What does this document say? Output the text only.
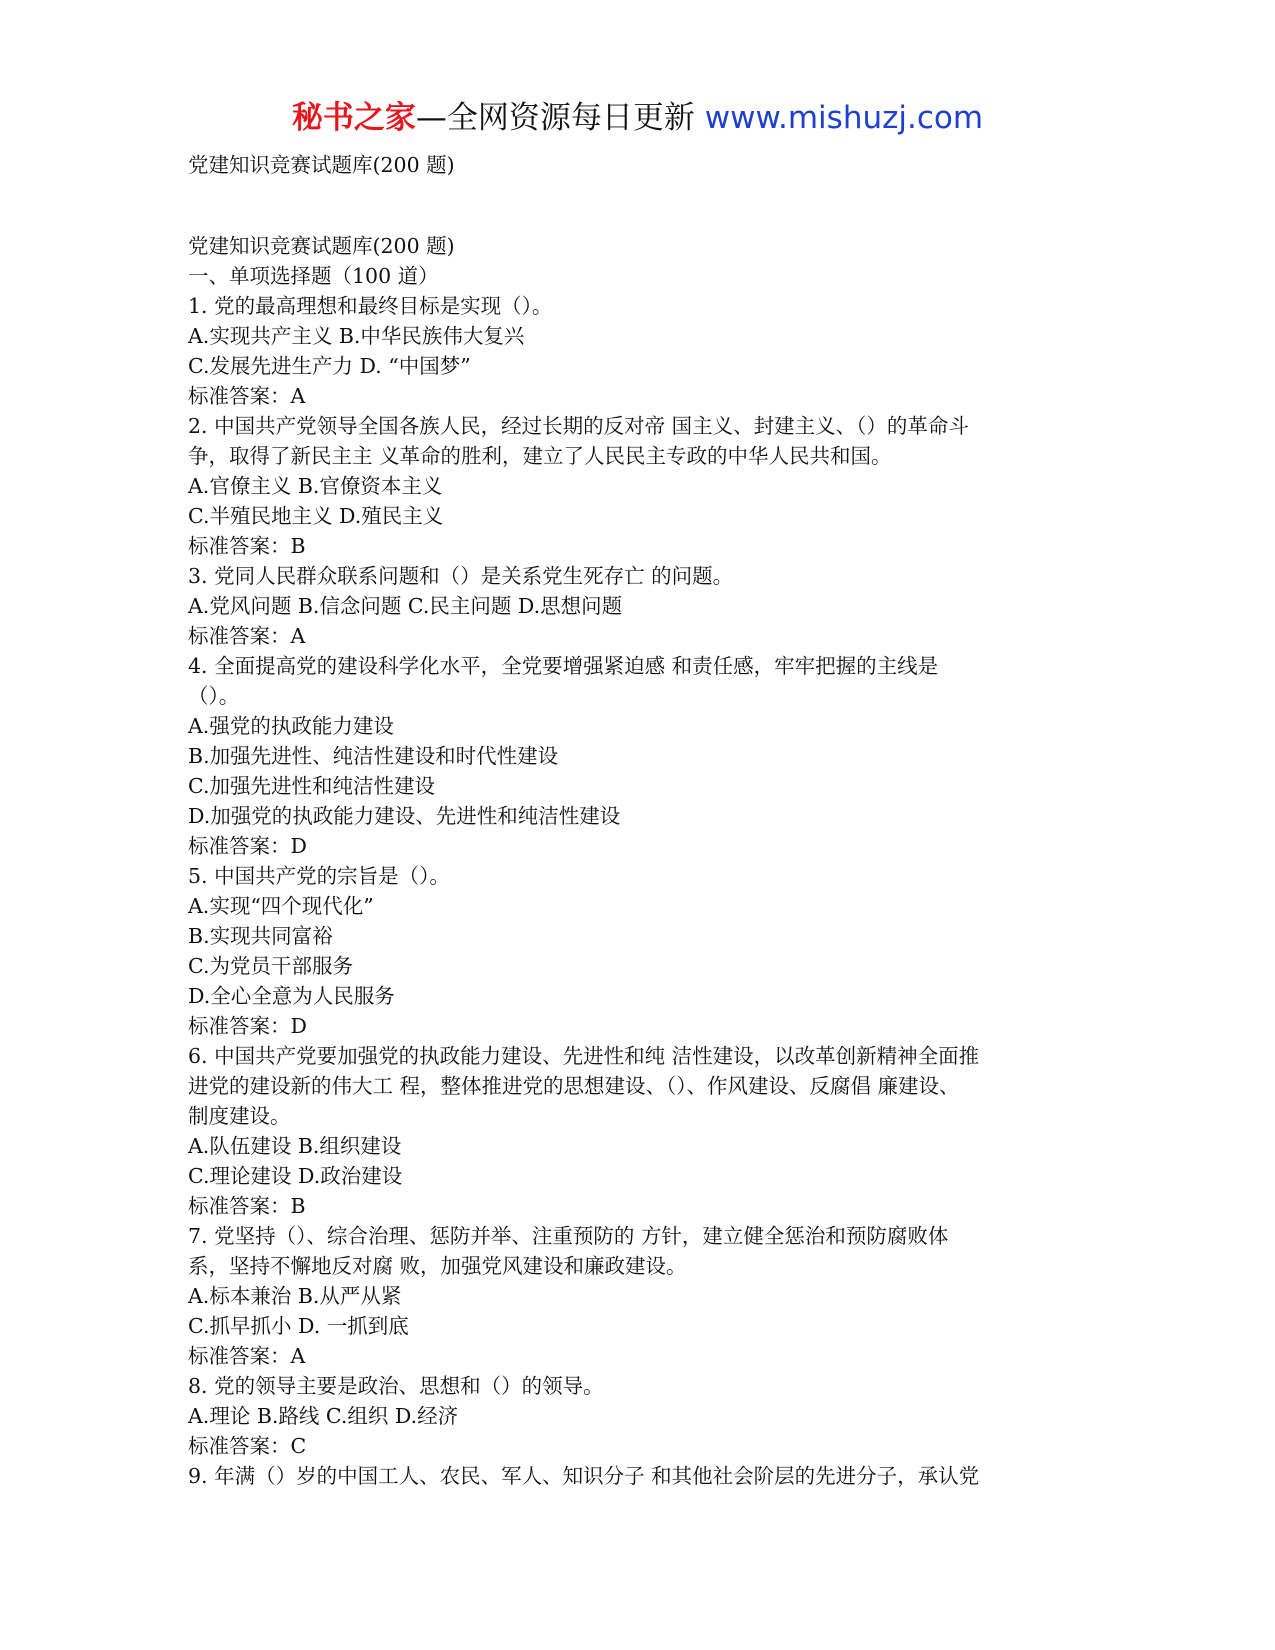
秘书之家—全网资源每日更新 www.mishuzj.com
党建知识竞赛试题库(200 题)
党建知识竞赛试题库(200 题)
一、单项选择题（100 道）
1. 党的最高理想和最终目标是实现（）。
A.实现共产主义 B.中华民族伟大复兴
C.发展先进生产力 D. “中国梦”
标准答案：A
2. 中国共产党领导全国各族人民，经过长期的反对帝 国主义、封建主义、（）的革命斗
争，取得了新民主主 义革命的胜利，建立了人民民主专政的中华人民共和国。
A.官僚主义 B.官僚资本主义
C.半殖民地主义 D.殖民主义
标准答案：B
3. 党同人民群众联系问题和（）是关系党生死存亡 的问题。
A.党风问题 B.信念问题 C.民主问题 D.思想问题
标准答案：A
4. 全面提高党的建设科学化水平，全党要增强紧迫感 和责任感，牢牢把握的主线是
（）。
A.强党的执政能力建设
B.加强先进性、纯洁性建设和时代性建设
C.加强先进性和纯洁性建设
D.加强党的执政能力建设、先进性和纯洁性建设
标准答案：D
5. 中国共产党的宗旨是（）。
A.实现“四个现代化”
B.实现共同富裕
C.为党员干部服务
D.全心全意为人民服务
标准答案：D
6. 中国共产党要加强党的执政能力建设、先进性和纯 洁性建设，以改革创新精神全面推
进党的建设新的伟大工 程，整体推进党的思想建设、（）、作风建设、反腐倡 廉建设、
制度建设。
A.队伍建设 B.组织建设
C.理论建设 D.政治建设
标准答案：B
7. 党坚持（）、综合治理、惩防并举、注重预防的 方针，建立健全惩治和预防腐败体
系，坚持不懈地反对腐 败，加强党风建设和廉政建设。
A.标本兼治 B.从严从紧
C.抓早抓小 D. 一抓到底
标准答案：A
8. 党的领导主要是政治、思想和（）的领导。
A.理论 B.路线 C.组织 D.经济
标准答案：C
9. 年满（）岁的中国工人、农民、军人、知识分子 和其他社会阶层的先进分子，承认党
